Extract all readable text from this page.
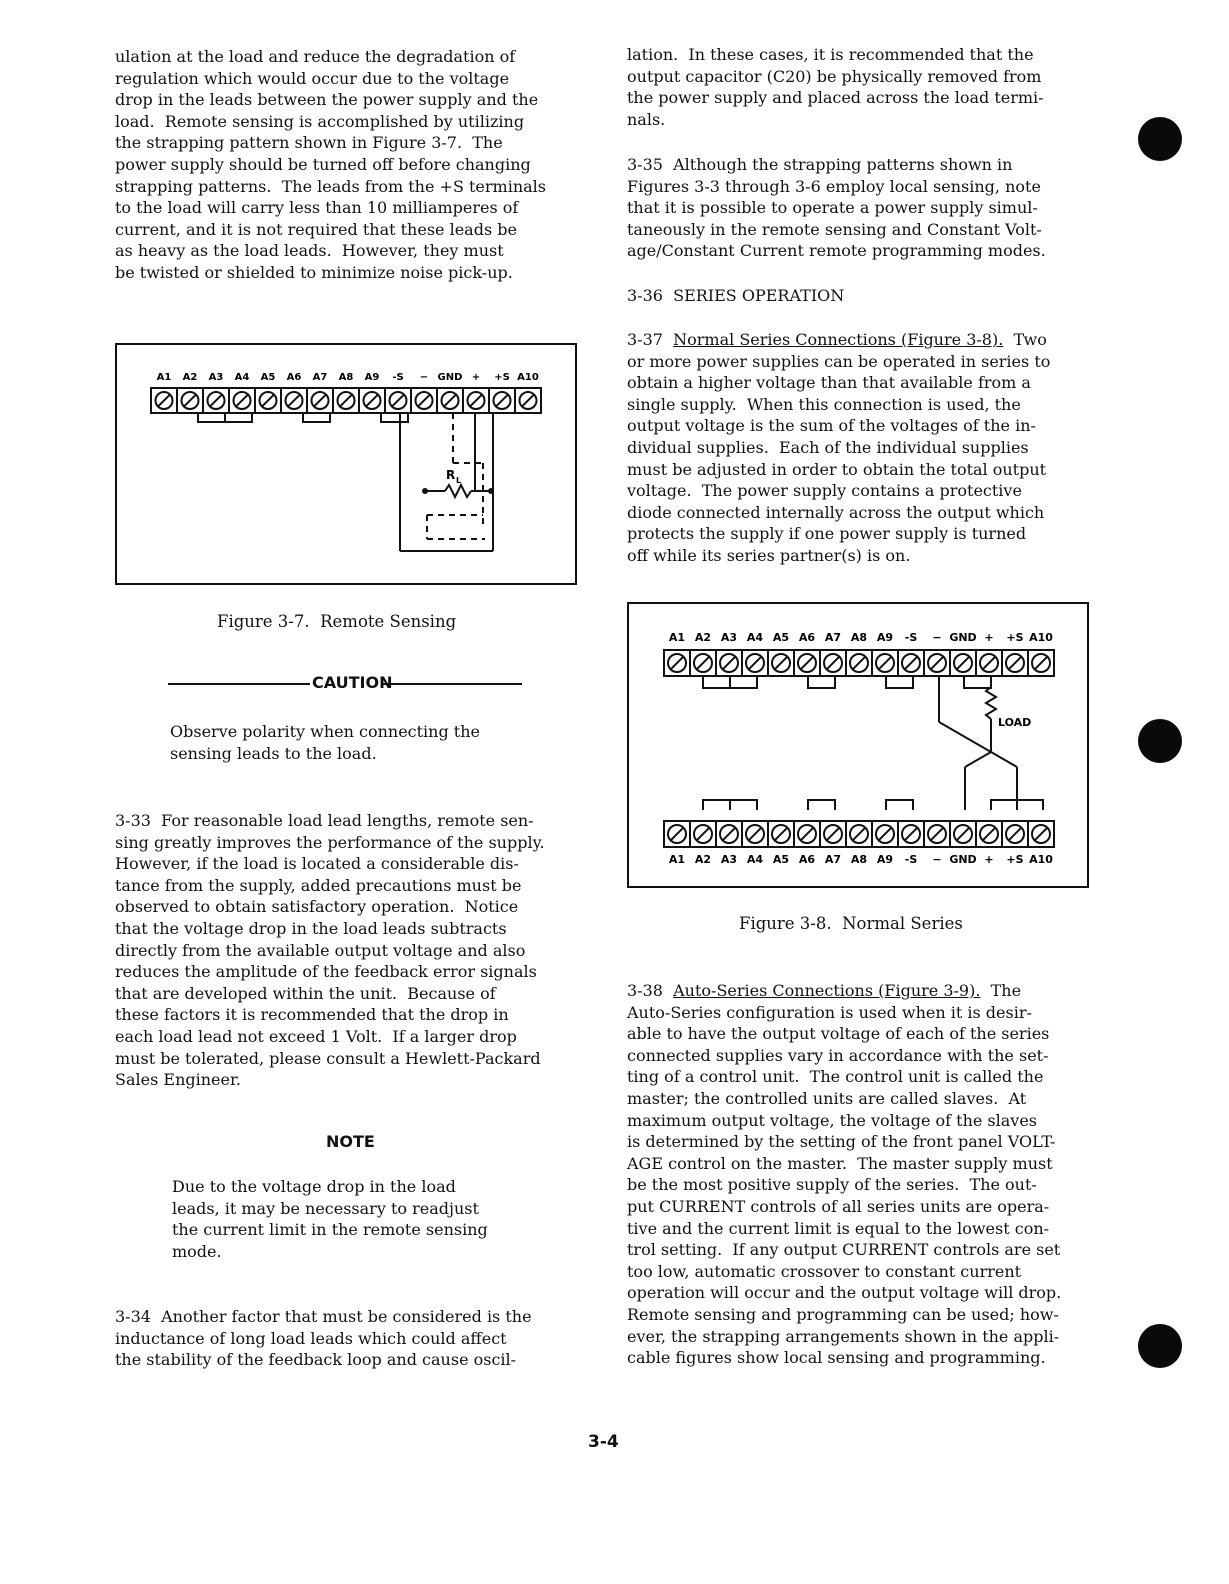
ulation at the load and reduce the degradation of

regulation which would occur due to the voltage

drop in the leads between the power supply and the

load.  Remote sensing is accomplished by utilizing

the strapping pattern shown in Figure 3-7.  The

power supply should be turned off before changing

strapping patterns.  The leads from the +S terminals

to the load will carry less than 10 milliamperes of

current, and it is not required that these leads be

as heavy as the load leads.  However, they must

be twisted or shielded to minimize noise pick-up.

A1 A2 A3 A4 A5 A6 A7 A8 A9 -S − GND + +S A10
R L
Figure 3-7.  Remote Sensing
CAUTION

Observe polarity when connecting the

sensing leads to the load.

3-33  For reasonable load lead lengths, remote sen-

sing greatly improves the performance of the supply.

However, if the load is located a considerable dis-

tance from the supply, added precautions must be

observed to obtain satisfactory operation.  Notice

that the voltage drop in the load leads subtracts

directly from the available output voltage and also

reduces the amplitude of the feedback error signals

that are developed within the unit.  Because of

these factors it is recommended that the drop in

each load lead not exceed 1 Volt.  If a larger drop

must be tolerated, please consult a Hewlett-Packard

Sales Engineer.

NOTE

Due to the voltage drop in the load

leads, it may be necessary to readjust

the current limit in the remote sensing

mode.

3-34  Another factor that must be considered is the

inductance of long load leads which could affect

the stability of the feedback loop and cause oscil-

lation.  In these cases, it is recommended that the

output capacitor (C20) be physically removed from

the power supply and placed across the load termi-

nals.

3-35  Although the strapping patterns shown in

Figures 3-3 through 3-6 employ local sensing, note

that it is possible to operate a power supply simul-

taneously in the remote sensing and Constant Volt-

age/Constant Current remote programming modes.

3-36  SERIES OPERATION

3-37 Normal Series Connections (Figure 3-8).  Two

or more power supplies can be operated in series to

obtain a higher voltage than that available from a

single supply.  When this connection is used, the

output voltage is the sum of the voltages of the in-

dividual supplies.  Each of the individual supplies

must be adjusted in order to obtain the total output

voltage.  The power supply contains a protective

diode connected internally across the output which

protects the supply if one power supply is turned

off while its series partner(s) is on.

A1 A2 A3 A4 A5 A6 A7 A8 A9 -S − GND + +S A10
A1 A2 A3 A4 A5 A6 A7 A8 A9 -S − GND + +S A10
LOAD
Figure 3-8.  Normal Series

3-38 Auto-Series Connections (Figure 3-9).  The

Auto-Series configuration is used when it is desir-

able to have the output voltage of each of the series

connected supplies vary in accordance with the set-

ting of a control unit.  The control unit is called the

master; the controlled units are called slaves.  At

maximum output voltage, the voltage of the slaves

is determined by the setting of the front panel VOLT-

AGE control on the master.  The master supply must

be the most positive supply of the series.  The out-

put CURRENT controls of all series units are opera-

tive and the current limit is equal to the lowest con-

trol setting.  If any output CURRENT controls are set

too low, automatic crossover to constant current

operation will occur and the output voltage will drop.

Remote sensing and programming can be used; how-

ever, the strapping arrangements shown in the appli-

cable figures show local sensing and programming.

3-4
